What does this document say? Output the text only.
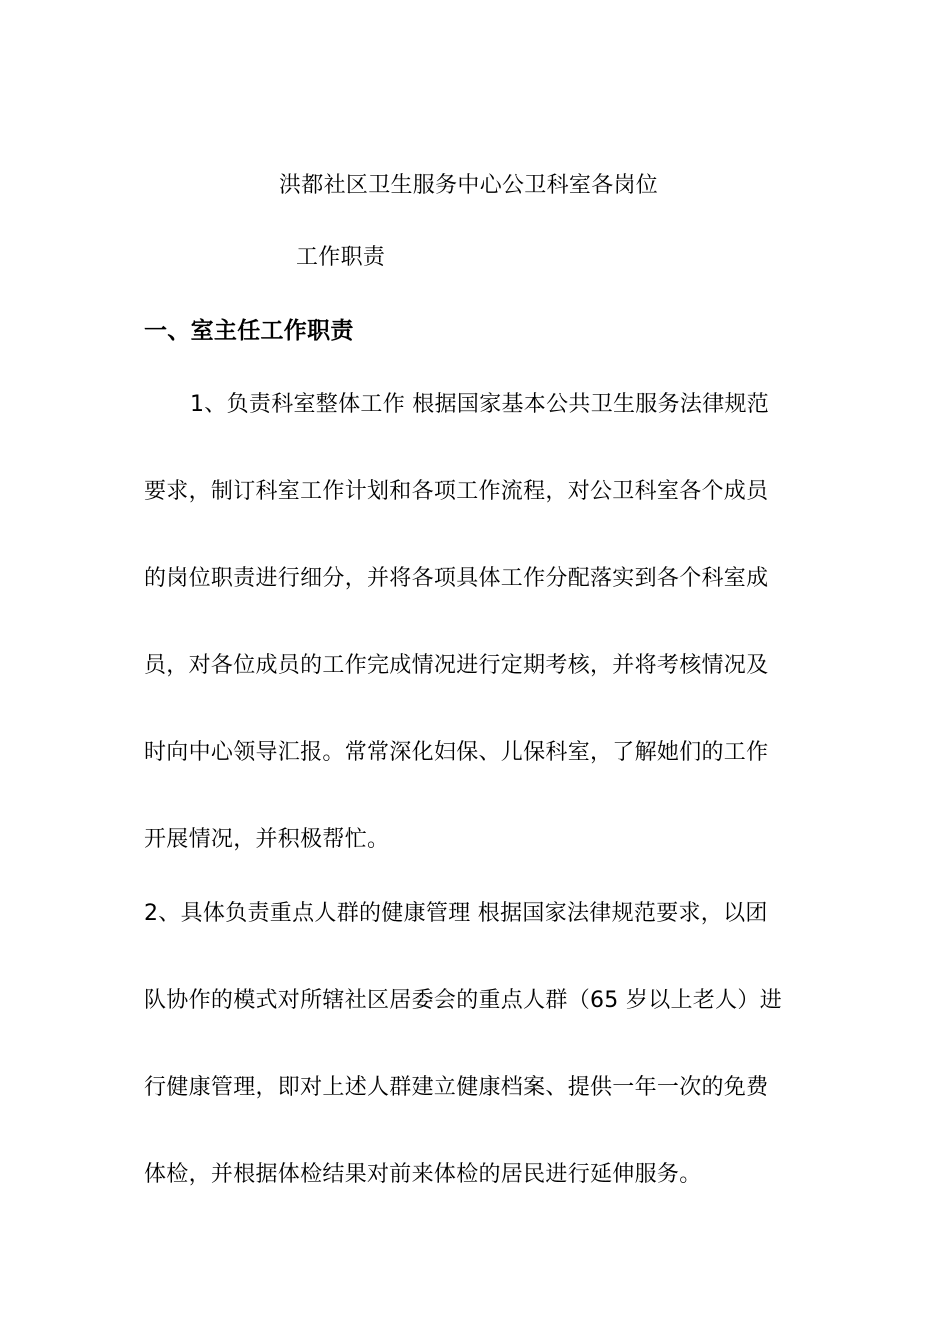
洪都社区卫生服务中心公卫科室各岗位
工作职责
一、室主任工作职责
1、负责科室整体工作 根据国家基本公共卫生服务法律规范
要求，制订科室工作计划和各项工作流程，对公卫科室各个成员
的岗位职责进行细分，并将各项具体工作分配落实到各个科室成
员，对各位成员的工作完成情况进行定期考核，并将考核情况及
时向中心领导汇报。常常深化妇保、儿保科室，了解她们的工作
开展情况，并积极帮忙。
2、具体负责重点人群的健康管理 根据国家法律规范要求，以团
队协作的模式对所辖社区居委会的重点人群（65 岁以上老人）进
行健康管理，即对上述人群建立健康档案、提供一年一次的免费
体检，并根据体检结果对前来体检的居民进行延伸服务。
